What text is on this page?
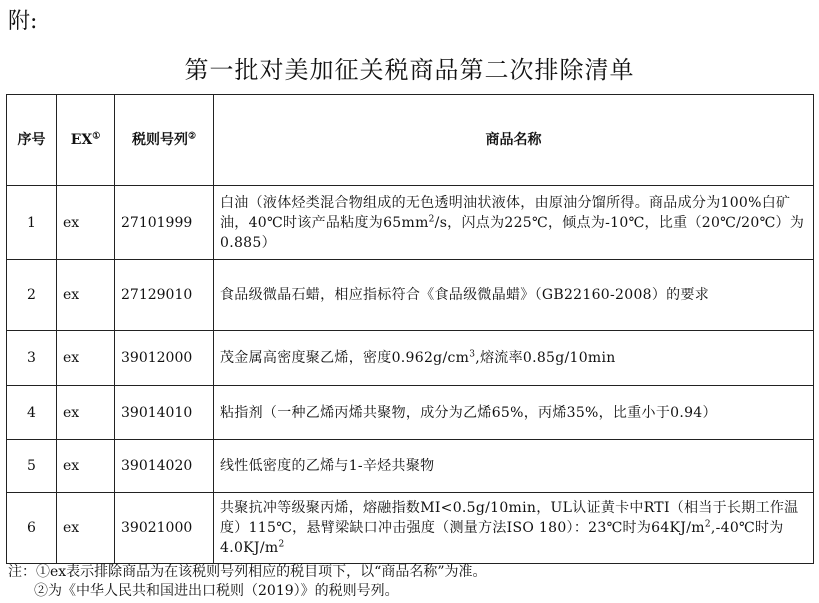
附:
第一批对美加征关税商品第二次排除清单
序号	EX①	税则号列②	商品名称
1	ex	27101999	白油（液体烃类混合物组成的无色透明油状液体，由原油分馏所得。商品成分为100%白矿油，40℃时该产品粘度为$65mm^2/s$，闪点为225℃，倾点为-10℃，比重（20℃/20℃）为0.885）
2	ex	27129010	食品级微晶石蜡，相应指标符合《食品级微晶蜡》（GB22160-2008）的要求
3	ex	39012000	茂金属高密度聚乙烯，密度$0.962g/cm^3$,熔流率0.85g/10min
4	ex	39014010	粘指剂（一种乙烯丙烯共聚物，成分为乙烯65%，丙烯35%，比重小于0.94）
5	ex	39014020	线性低密度的乙烯与1-辛烃共聚物
6	ex	39021000	共聚抗冲等级聚丙烯，熔融指数MI<0.5g/10min，UL认证黄卡中RTI（相当于长期工作温度）115℃，悬臂梁缺口冲击强度（测量方法ISO 180）：23℃时为$64KJ/m^2,-40℃$时为$4.0KJ/m^2$
注：①ex表示排除商品为在该税则号列相应的税目项下，以“商品名称”为准。
②为《中华人民共和国进出口税则（2019）》的税则号列。
